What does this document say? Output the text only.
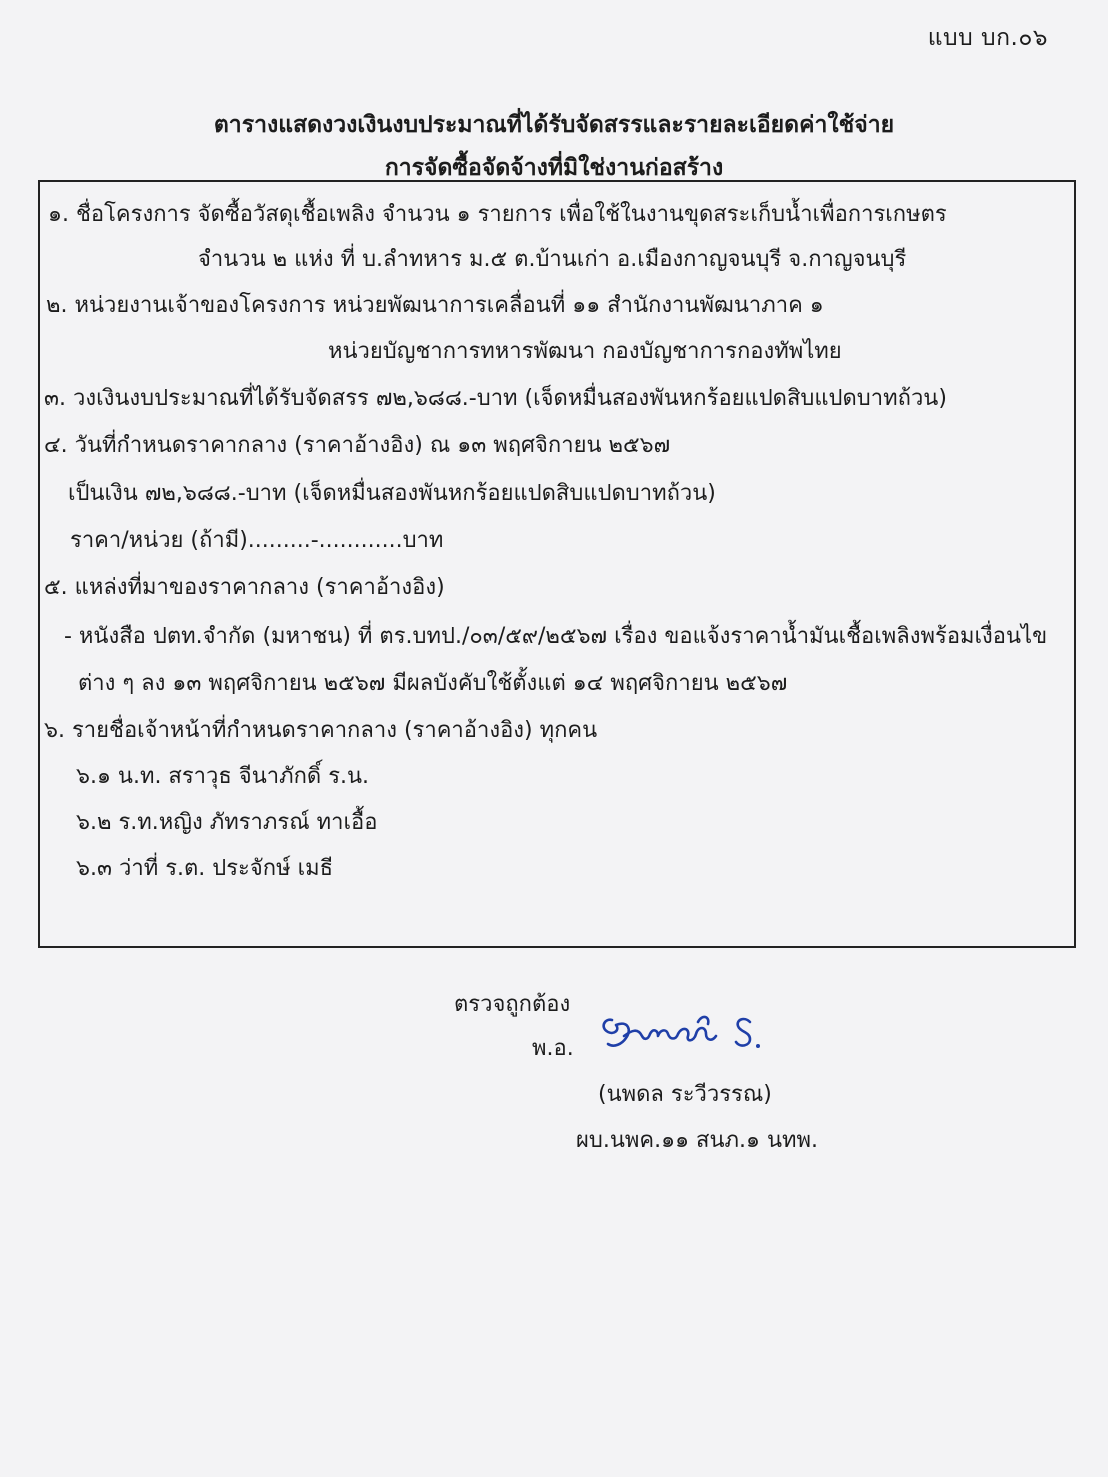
แบบ บก.๐๖
ตารางแสดงวงเงินงบประมาณที่ได้รับจัดสรรและรายละเอียดค่าใช้จ่าย
การจัดซื้อจัดจ้างที่มิใช่งานก่อสร้าง
๑. ชื่อโครงการ จัดซื้อวัสดุเชื้อเพลิง จำนวน ๑ รายการ เพื่อใช้ในงานขุดสระเก็บน้ำเพื่อการเกษตร
จำนวน ๒ แห่ง ที่ บ.ลำทหาร ม.๕ ต.บ้านเก่า อ.เมืองกาญจนบุรี จ.กาญจนบุรี
๒. หน่วยงานเจ้าของโครงการ หน่วยพัฒนาการเคลื่อนที่ ๑๑ สำนักงานพัฒนาภาค ๑
หน่วยบัญชาการทหารพัฒนา กองบัญชาการกองทัพไทย
๓. วงเงินงบประมาณที่ได้รับจัดสรร ๗๒,๖๘๘.-บาท (เจ็ดหมื่นสองพันหกร้อยแปดสิบแปดบาทถ้วน)
๔. วันที่กำหนดราคากลาง (ราคาอ้างอิง) ณ ๑๓ พฤศจิกายน ๒๕๖๗
เป็นเงิน ๗๒,๖๘๘.-บาท (เจ็ดหมื่นสองพันหกร้อยแปดสิบแปดบาทถ้วน)
ราคา/หน่วย (ถ้ามี).........-............บาท
๕. แหล่งที่มาของราคากลาง (ราคาอ้างอิง)
- หนังสือ ปตท.จำกัด (มหาชน) ที่ ตร.บทป./๐๓/๕๙/๒๕๖๗ เรื่อง ขอแจ้งราคาน้ำมันเชื้อเพลิงพร้อมเงื่อนไข
ต่าง ๆ ลง ๑๓ พฤศจิกายน ๒๕๖๗ มีผลบังคับใช้ตั้งแต่ ๑๔ พฤศจิกายน ๒๕๖๗
๖. รายชื่อเจ้าหน้าที่กำหนดราคากลาง (ราคาอ้างอิง) ทุกคน
๖.๑ น.ท. สราวุธ จีนาภักดิ์ ร.น.
๖.๒ ร.ท.หญิง ภัทราภรณ์ ทาเอื้อ
๖.๓ ว่าที่ ร.ต. ประจักษ์ เมธี
ตรวจถูกต้อง
พ.อ.
(นพดล ระวีวรรณ)
ผบ.นพค.๑๑ สนภ.๑ นทพ.
